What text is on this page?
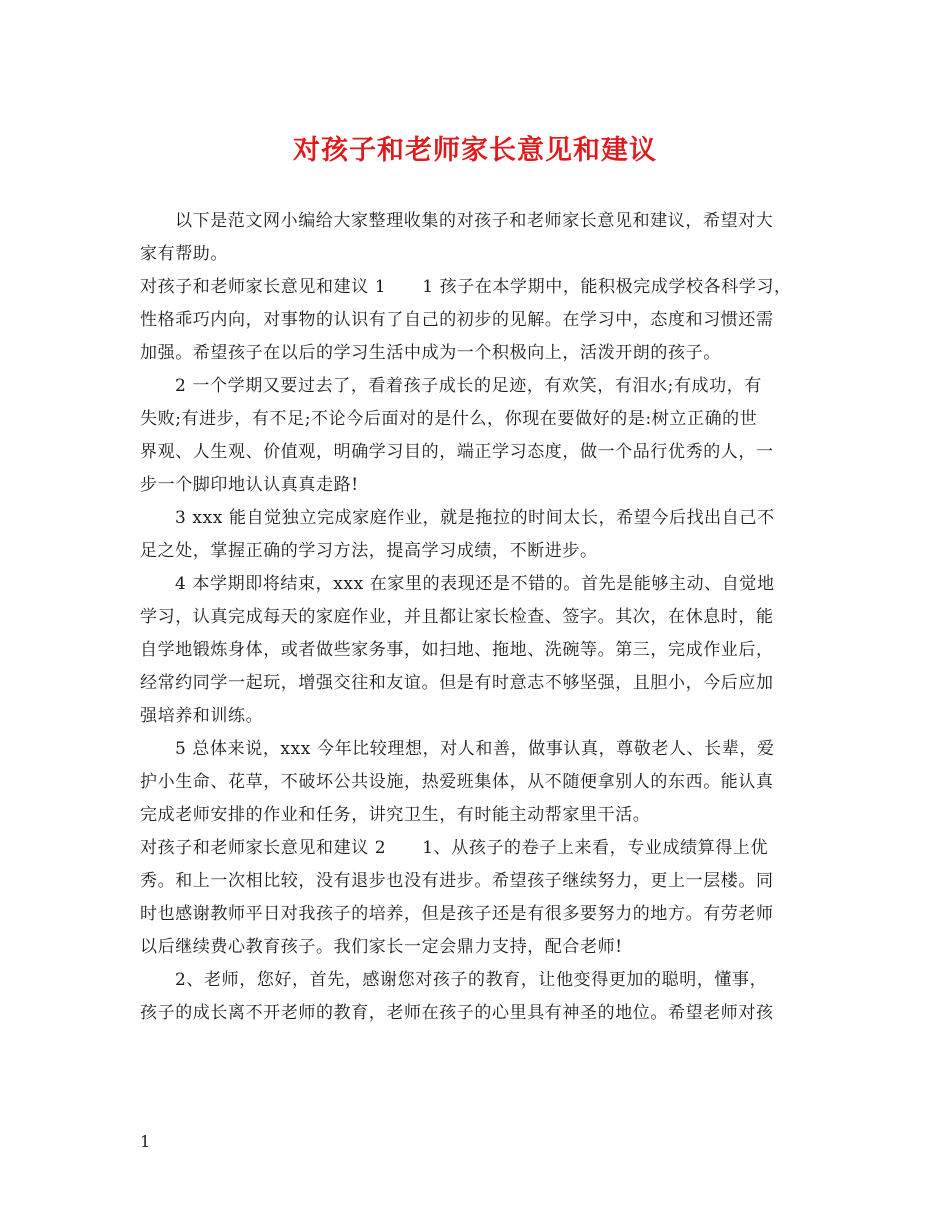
对孩子和老师家长意见和建议
以下是范文网小编给大家整理收集的对孩子和老师家长意见和建议，希望对大
家有帮助。
对孩子和老师家长意见和建议 1 1 孩子在本学期中，能积极完成学校各科学习，
性格乖巧内向，对事物的认识有了自己的初步的见解。在学习中，态度和习惯还需
加强。希望孩子在以后的学习生活中成为一个积极向上，活泼开朗的孩子。
2 一个学期又要过去了，看着孩子成长的足迹，有欢笑，有泪水;有成功，有
失败;有进步，有不足;不论今后面对的是什么，你现在要做好的是:树立正确的世
界观、人生观、价值观，明确学习目的，端正学习态度，做一个品行优秀的人，一
步一个脚印地认认真真走路!
3 xxx 能自觉独立完成家庭作业，就是拖拉的时间太长，希望今后找出自己不
足之处，掌握正确的学习方法，提高学习成绩，不断进步。
4 本学期即将结束，xxx 在家里的表现还是不错的。首先是能够主动、自觉地
学习，认真完成每天的家庭作业，并且都让家长检查、签字。其次，在休息时，能
自学地锻炼身体，或者做些家务事，如扫地、拖地、洗碗等。第三，完成作业后，
经常约同学一起玩，增强交往和友谊。但是有时意志不够坚强，且胆小，今后应加
强培养和训练。
5 总体来说，xxx 今年比较理想，对人和善，做事认真，尊敬老人、长辈，爱
护小生命、花草，不破坏公共设施，热爱班集体，从不随便拿别人的东西。能认真
完成老师安排的作业和任务，讲究卫生，有时能主动帮家里干活。
对孩子和老师家长意见和建议 2 1、从孩子的卷子上来看，专业成绩算得上优
秀。和上一次相比较，没有退步也没有进步。希望孩子继续努力，更上一层楼。同
时也感谢教师平日对我孩子的培养，但是孩子还是有很多要努力的地方。有劳老师
以后继续费心教育孩子。我们家长一定会鼎力支持，配合老师!
2、老师，您好，首先，感谢您对孩子的教育，让他变得更加的聪明，懂事，
孩子的成长离不开老师的教育，老师在孩子的心里具有神圣的地位。希望老师对孩
1
